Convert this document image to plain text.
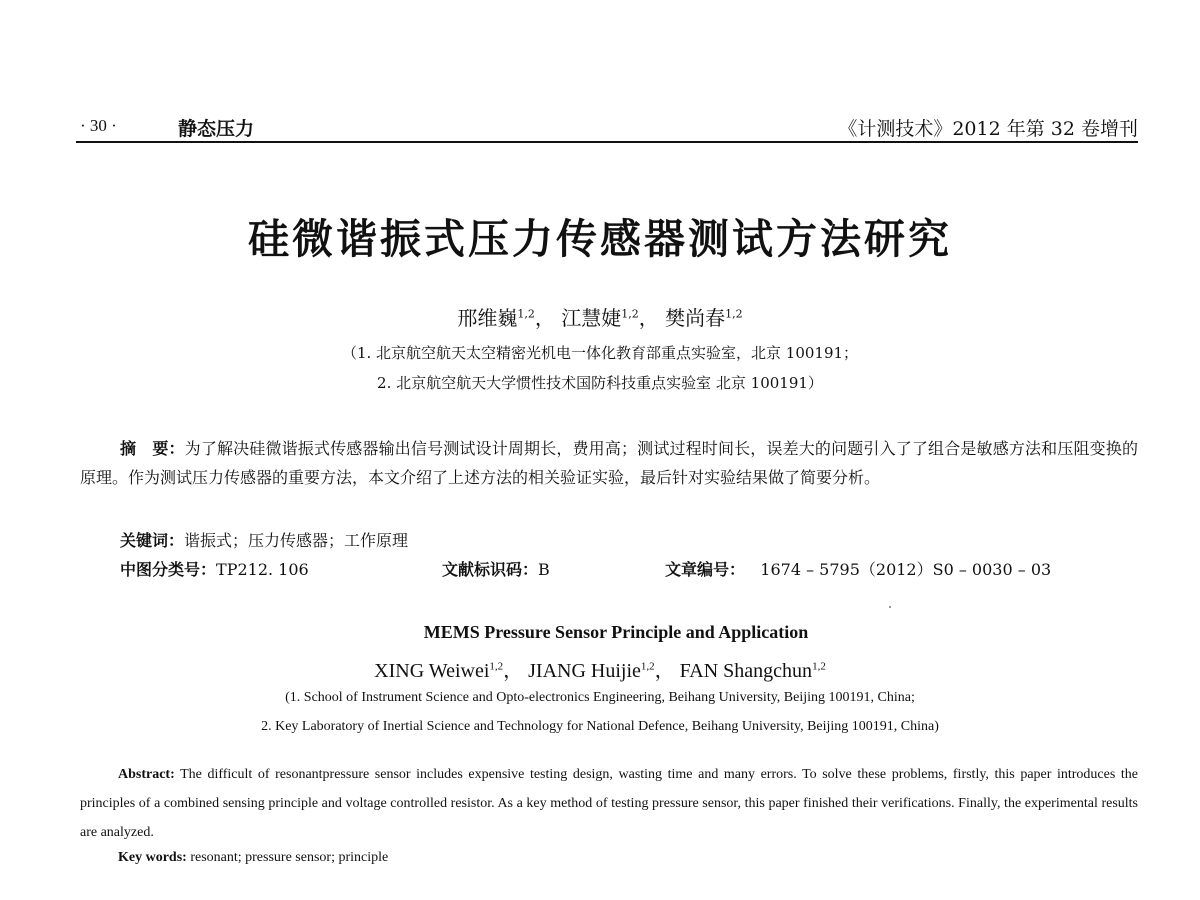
· 30 ·	静态压力	《计测技术》2012 年第 32 卷增刊
硅微谐振式压力传感器测试方法研究
邢维巍$^{1,2}$， 江慧婕$^{1,2}$， 樊尚春$^{1,2}$
（1. 北京航空航天太空精密光机电一体化教育部重点实验室，北京 100191；
2. 北京航空航天大学惯性技术国防科技重点实验室 北京 100191）
摘　要：为了解决硅微谐振式传感器输出信号测试设计周期长，费用高；测试过程时间长，误差大的问题引入了了组合是敏感方法和压阻变换的原理。作为测试压力传感器的重要方法，本文介绍了上述方法的相关验证实验，最后针对实验结果做了简要分析。
关键词：谐振式；压力传感器；工作原理
中图分类号：TP212. 106	文献标识码：B	文章编号： 1674 – 5795（2012）S0 – 0030 – 03
MEMS Pressure Sensor Principle and Application
XING Weiwei$^{1,2}$， JIANG Huijie$^{1,2}$， FAN Shangchun$^{1,2}$
(1. School of Instrument Science and Opto-electronics Engineering, Beihang University, Beijing 100191, China;
2. Key Laboratory of Inertial Science and Technology for National Defence, Beihang University, Beijing 100191, China)
Abstract: The difficult of resonantpressure sensor includes expensive testing design, wasting time and many errors. To solve these problems, firstly, this paper introduces the principles of a combined sensing principle and voltage controlled resistor. As a key method of testing pressure sensor, this paper finished their verifications. Finally, the experimental results are analyzed.
Key words: resonant; pressure sensor; principle
